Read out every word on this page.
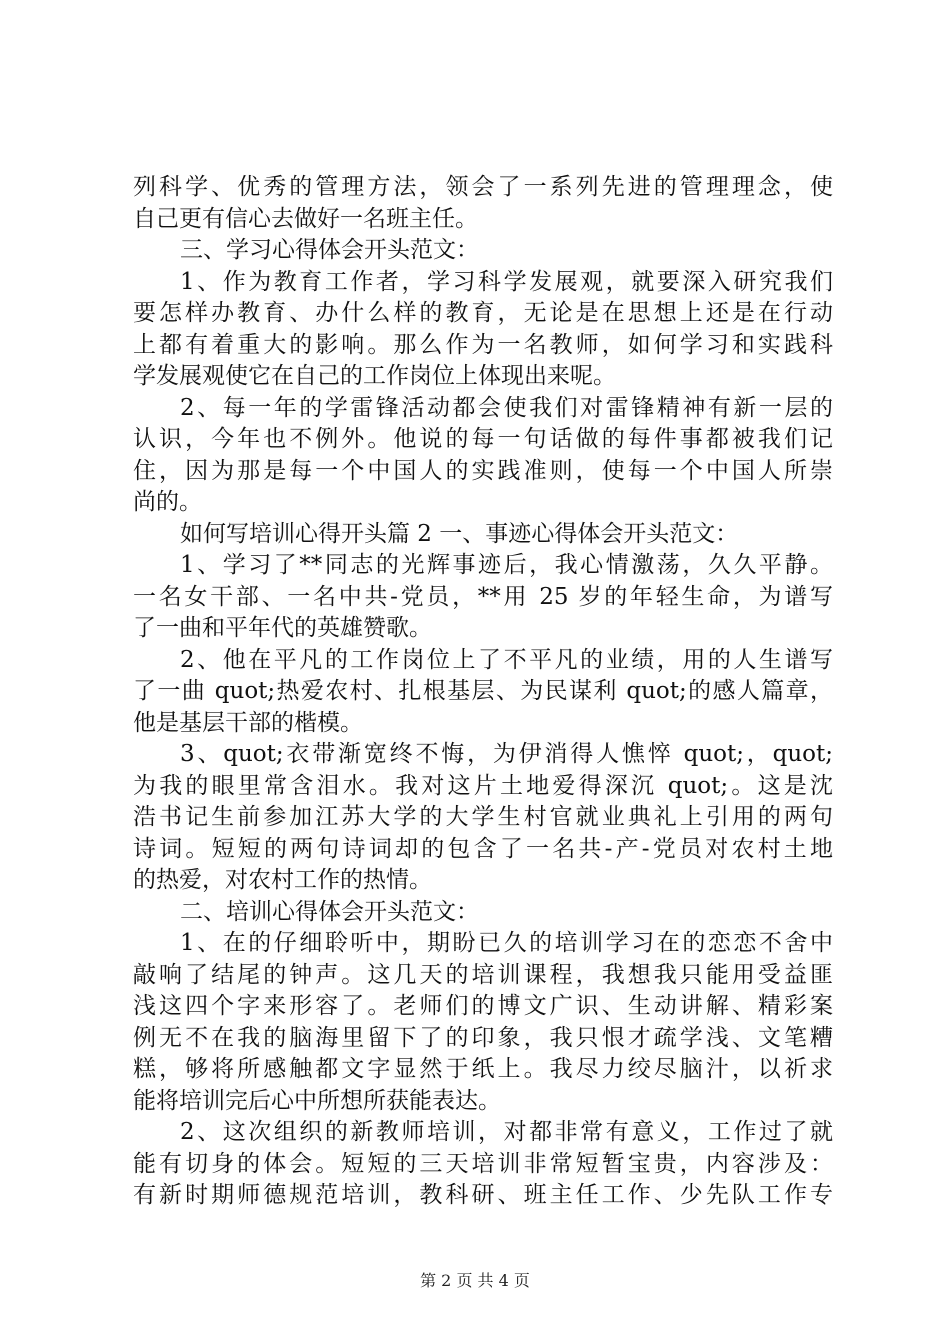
列科学、优秀的管理方法，领会了一系列先进的管理理念，使
自己更有信心去做好一名班主任。
三、学习心得体会开头范文：
1、作为教育工作者，学习科学发展观，就要深入研究我们
要怎样办教育、办什么样的教育，无论是在思想上还是在行动
上都有着重大的影响。那么作为一名教师，如何学习和实践科
学发展观使它在自己的工作岗位上体现出来呢。
2、每一年的学雷锋活动都会使我们对雷锋精神有新一层的
认识，今年也不例外。他说的每一句话做的每件事都被我们记
住，因为那是每一个中国人的实践准则，使每一个中国人所崇
尚的。
如何写培训心得开头篇 2 一、事迹心得体会开头范文：
1、学习了**同志的光辉事迹后，我心情激荡，久久平静。
一名女干部、一名中共-党员，**用 25 岁的年轻生命，为谱写
了一曲和平年代的英雄赞歌。
2、他在平凡的工作岗位上了不平凡的业绩，用的人生谱写
了一曲 quot;热爱农村、扎根基层、为民谋利 quot;的感人篇章，
他是基层干部的楷模。
3、quot;衣带渐宽终不悔，为伊消得人憔悴 quot;，quot;
为我的眼里常含泪水。我对这片土地爱得深沉 quot;。这是沈
浩书记生前参加江苏大学的大学生村官就业典礼上引用的两句
诗词。短短的两句诗词却的包含了一名共-产-党员对农村土地
的热爱，对农村工作的热情。
二、培训心得体会开头范文：
1、在的仔细聆听中，期盼已久的培训学习在的恋恋不舍中
敲响了结尾的钟声。这几天的培训课程，我想我只能用受益匪
浅这四个字来形容了。老师们的博文广识、生动讲解、精彩案
例无不在我的脑海里留下了的印象，我只恨才疏学浅、文笔糟
糕，够将所感触都文字显然于纸上。我尽力绞尽脑汁，以祈求
能将培训完后心中所想所获能表达。
2、这次组织的新教师培训，对都非常有意义，工作过了就
能有切身的体会。短短的三天培训非常短暂宝贵，内容涉及：
有新时期师德规范培训，教科研、班主任工作、少先队工作专
第 2 页 共 4 页
